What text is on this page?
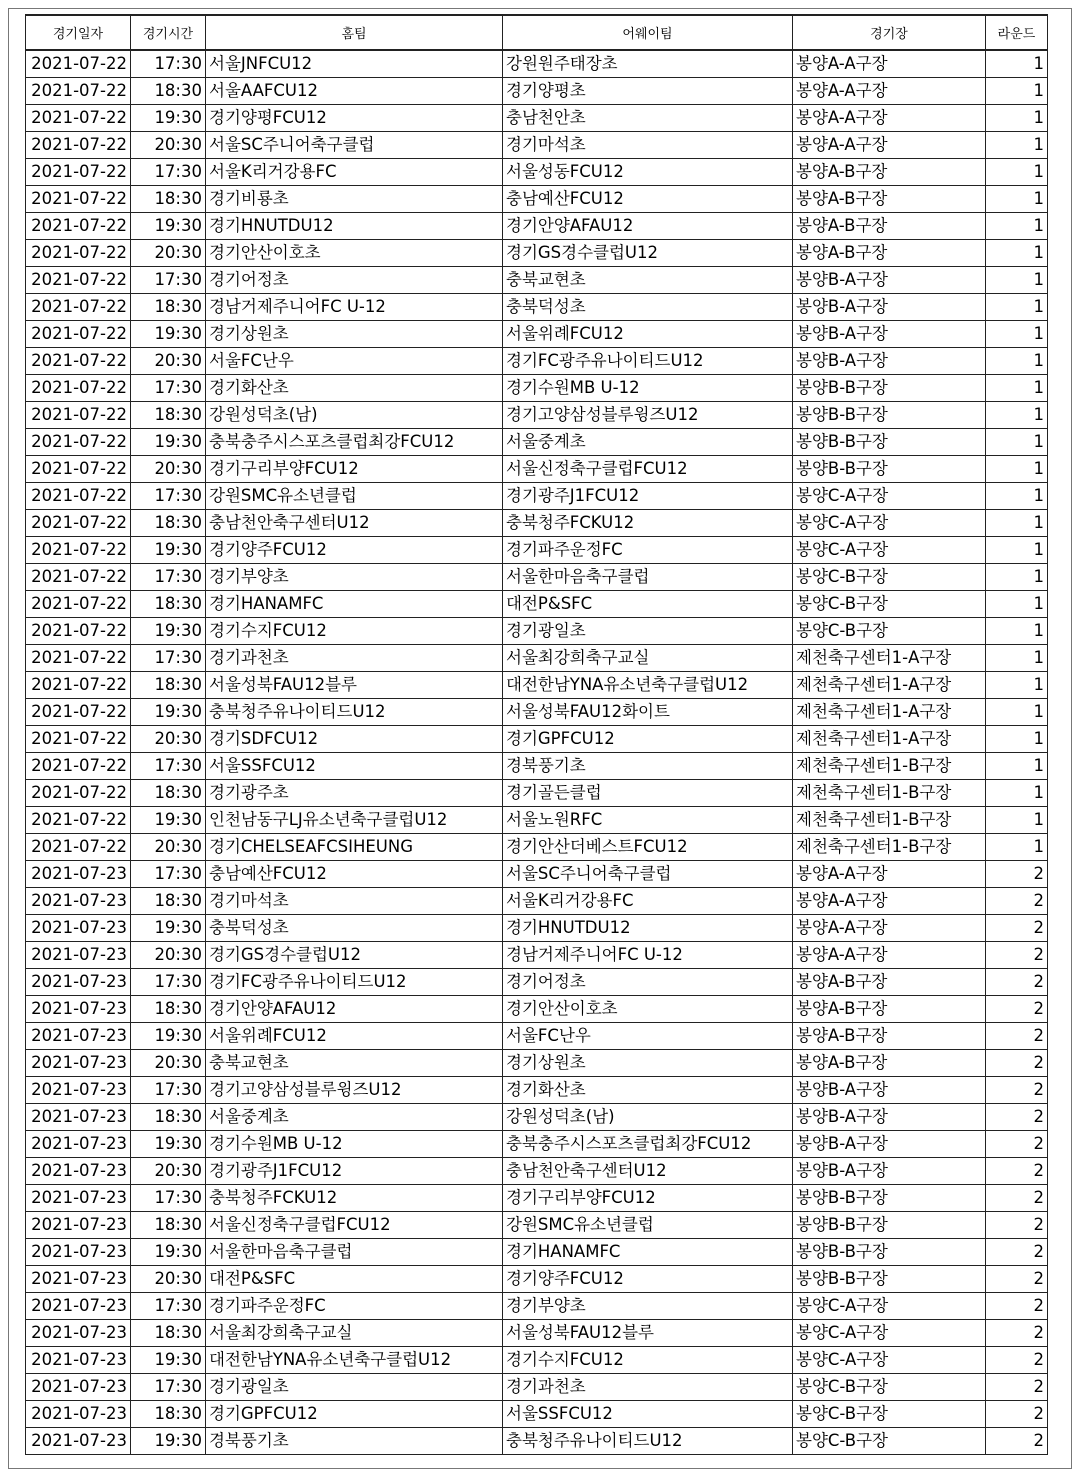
경기일자	경기시간	홈팀	어웨이팀	경기장	라운드
2021-07-22	17:30	서울JNFCU12	강원원주태장초	봉양A-A구장	1
2021-07-22	18:30	서울AAFCU12	경기양평초	봉양A-A구장	1
2021-07-22	19:30	경기양평FCU12	충남천안초	봉양A-A구장	1
2021-07-22	20:30	서울SC주니어축구클럽	경기마석초	봉양A-A구장	1
2021-07-22	17:30	서울K리거강용FC	서울성동FCU12	봉양A-B구장	1
2021-07-22	18:30	경기비룡초	충남예산FCU12	봉양A-B구장	1
2021-07-22	19:30	경기HNUTDU12	경기안양AFAU12	봉양A-B구장	1
2021-07-22	20:30	경기안산이호초	경기GS경수클럽U12	봉양A-B구장	1
2021-07-22	17:30	경기어정초	충북교현초	봉양B-A구장	1
2021-07-22	18:30	경남거제주니어FC U-12	충북덕성초	봉양B-A구장	1
2021-07-22	19:30	경기상원초	서울위례FCU12	봉양B-A구장	1
2021-07-22	20:30	서울FC난우	경기FC광주유나이티드U12	봉양B-A구장	1
2021-07-22	17:30	경기화산초	경기수원MB U-12	봉양B-B구장	1
2021-07-22	18:30	강원성덕초(남)	경기고양삼성블루윙즈U12	봉양B-B구장	1
2021-07-22	19:30	충북충주시스포츠클럽최강FCU12	서울중계초	봉양B-B구장	1
2021-07-22	20:30	경기구리부양FCU12	서울신정축구클럽FCU12	봉양B-B구장	1
2021-07-22	17:30	강원SMC유소년클럽	경기광주J1FCU12	봉양C-A구장	1
2021-07-22	18:30	충남천안축구센터U12	충북청주FCKU12	봉양C-A구장	1
2021-07-22	19:30	경기양주FCU12	경기파주운정FC	봉양C-A구장	1
2021-07-22	17:30	경기부양초	서울한마음축구클럽	봉양C-B구장	1
2021-07-22	18:30	경기HANAMFC	대전P&SFC	봉양C-B구장	1
2021-07-22	19:30	경기수지FCU12	경기광일초	봉양C-B구장	1
2021-07-22	17:30	경기과천초	서울최강희축구교실	제천축구센터1-A구장	1
2021-07-22	18:30	서울성북FAU12블루	대전한남YNA유소년축구클럽U12	제천축구센터1-A구장	1
2021-07-22	19:30	충북청주유나이티드U12	서울성북FAU12화이트	제천축구센터1-A구장	1
2021-07-22	20:30	경기SDFCU12	경기GPFCU12	제천축구센터1-A구장	1
2021-07-22	17:30	서울SSFCU12	경북풍기초	제천축구센터1-B구장	1
2021-07-22	18:30	경기광주초	경기골든클럽	제천축구센터1-B구장	1
2021-07-22	19:30	인천남동구LJ유소년축구클럽U12	서울노원RFC	제천축구센터1-B구장	1
2021-07-22	20:30	경기CHELSEAFCSIHEUNG	경기안산더베스트FCU12	제천축구센터1-B구장	1
2021-07-23	17:30	충남예산FCU12	서울SC주니어축구클럽	봉양A-A구장	2
2021-07-23	18:30	경기마석초	서울K리거강용FC	봉양A-A구장	2
2021-07-23	19:30	충북덕성초	경기HNUTDU12	봉양A-A구장	2
2021-07-23	20:30	경기GS경수클럽U12	경남거제주니어FC U-12	봉양A-A구장	2
2021-07-23	17:30	경기FC광주유나이티드U12	경기어정초	봉양A-B구장	2
2021-07-23	18:30	경기안양AFAU12	경기안산이호초	봉양A-B구장	2
2021-07-23	19:30	서울위례FCU12	서울FC난우	봉양A-B구장	2
2021-07-23	20:30	충북교현초	경기상원초	봉양A-B구장	2
2021-07-23	17:30	경기고양삼성블루윙즈U12	경기화산초	봉양B-A구장	2
2021-07-23	18:30	서울중계초	강원성덕초(남)	봉양B-A구장	2
2021-07-23	19:30	경기수원MB U-12	충북충주시스포츠클럽최강FCU12	봉양B-A구장	2
2021-07-23	20:30	경기광주J1FCU12	충남천안축구센터U12	봉양B-A구장	2
2021-07-23	17:30	충북청주FCKU12	경기구리부양FCU12	봉양B-B구장	2
2021-07-23	18:30	서울신정축구클럽FCU12	강원SMC유소년클럽	봉양B-B구장	2
2021-07-23	19:30	서울한마음축구클럽	경기HANAMFC	봉양B-B구장	2
2021-07-23	20:30	대전P&SFC	경기양주FCU12	봉양B-B구장	2
2021-07-23	17:30	경기파주운정FC	경기부양초	봉양C-A구장	2
2021-07-23	18:30	서울최강희축구교실	서울성북FAU12블루	봉양C-A구장	2
2021-07-23	19:30	대전한남YNA유소년축구클럽U12	경기수지FCU12	봉양C-A구장	2
2021-07-23	17:30	경기광일초	경기과천초	봉양C-B구장	2
2021-07-23	18:30	경기GPFCU12	서울SSFCU12	봉양C-B구장	2
2021-07-23	19:30	경북풍기초	충북청주유나이티드U12	봉양C-B구장	2
